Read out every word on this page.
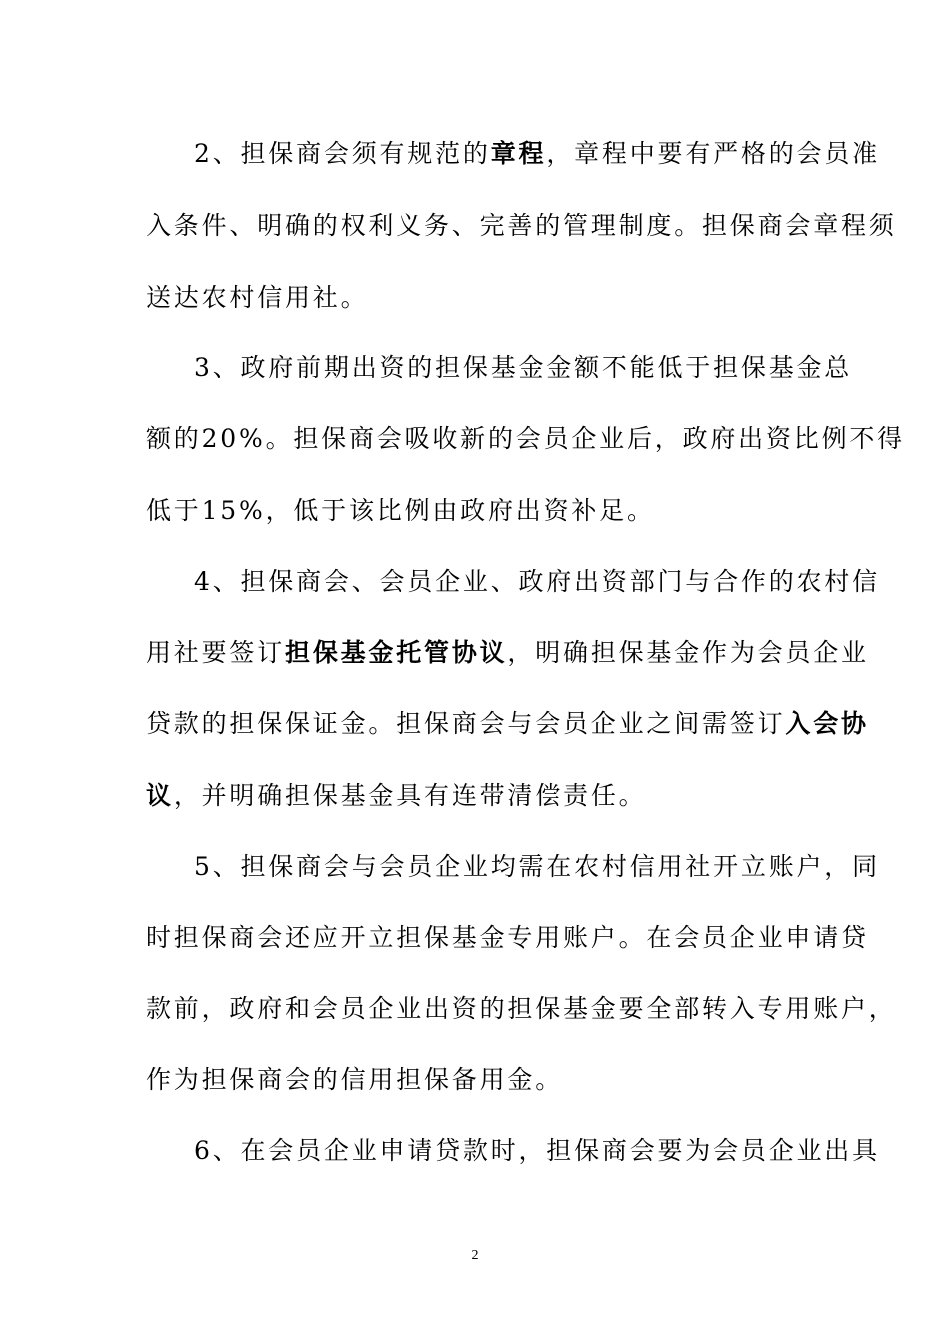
2、担保商会须有规范的章程，章程中要有严格的会员准
入条件、明确的权利义务、完善的管理制度。担保商会章程须
送达农村信用社。
3、政府前期出资的担保基金金额不能低于担保基金总
额的20%。担保商会吸收新的会员企业后，政府出资比例不得
低于15%，低于该比例由政府出资补足。
4、担保商会、会员企业、政府出资部门与合作的农村信
用社要签订担保基金托管协议，明确担保基金作为会员企业
贷款的担保保证金。担保商会与会员企业之间需签订入会协
议，并明确担保基金具有连带清偿责任。
5、担保商会与会员企业均需在农村信用社开立账户，同
时担保商会还应开立担保基金专用账户。在会员企业申请贷
款前，政府和会员企业出资的担保基金要全部转入专用账户，
作为担保商会的信用担保备用金。
6、在会员企业申请贷款时，担保商会要为会员企业出具
2
